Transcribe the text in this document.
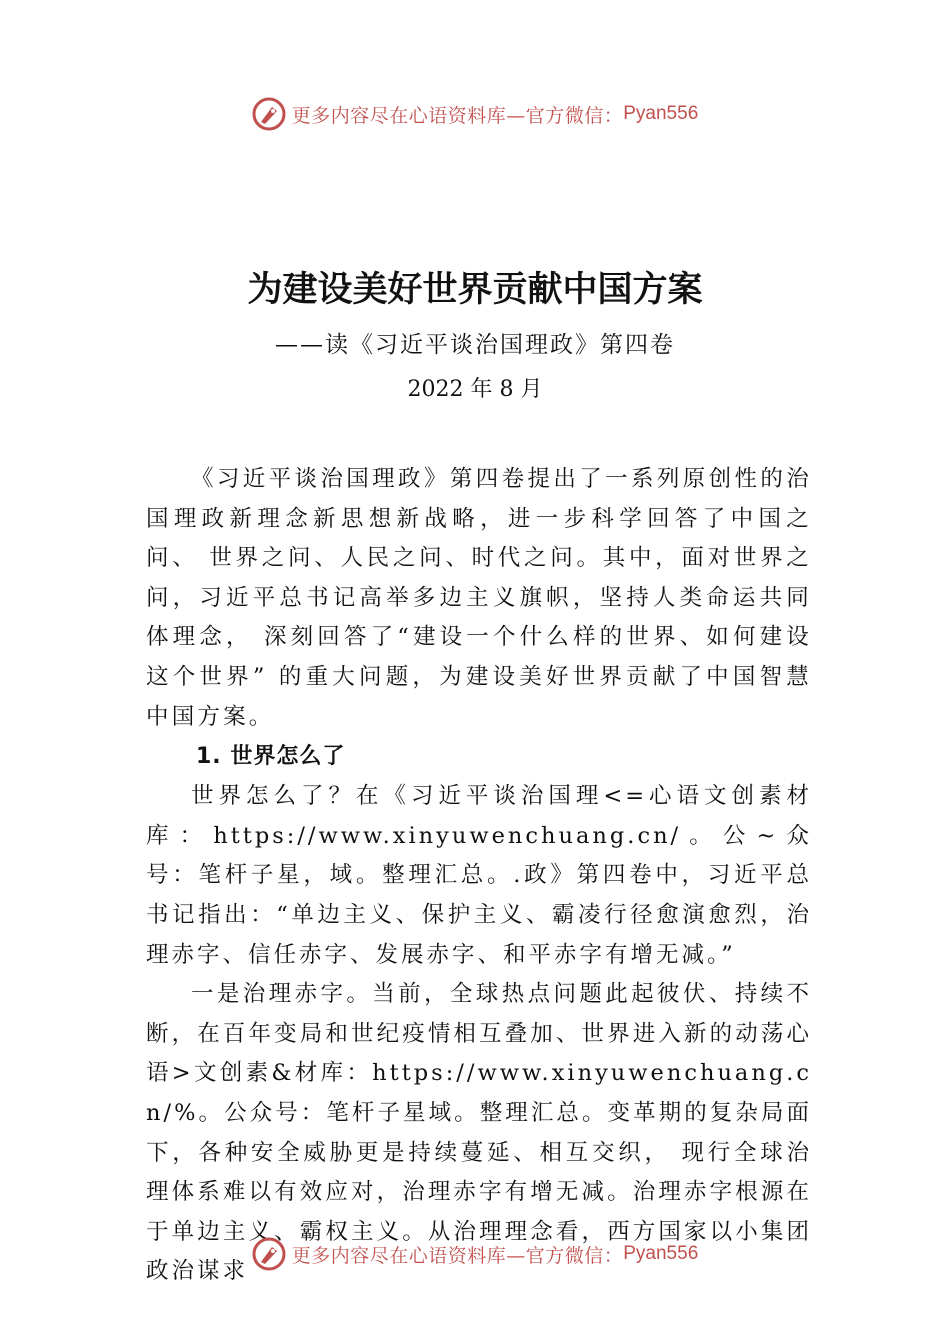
更多内容尽在心语资料库—官方微信： Pyan556
为建设美好世界贡献中国方案
——读《习近平谈治国理政》第四卷
2022 年 8 月

《习近平谈治国理政》第四卷提出了一系列原创性的治国理政新理念新思想新战略，进一步科学回答了中国之问、 世界之问、人民之问、时代之问。其中，面对世界之问，习近平总书记高举多边主义旗帜，坚持人类命运共同体理念， 深刻回答了“建设一个什么样的世界、如何建设这个世界” 的重大问题，为建设美好世界贡献了中国智慧中国方案。

1. 世界怎么了

世界怎么了？在《习近平谈治国理<=心语文创素材库：https://www.xinyuwenchuang.cn/。公~众号：笔杆子星，域。整理汇总。.政》第四卷中，习近平总书记指出：“单边主义、保护主义、霸凌行径愈演愈烈，治理赤字、信任赤字、发展赤字、和平赤字有增无减。”

一是治理赤字。当前，全球热点问题此起彼伏、持续不断，在百年变局和世纪疫情相互叠加、世界进入新的动荡心语>文创素&材库：https://www.xinyuwenchuang.cn/%。公众号：笔杆子星域。整理汇总。变革期的复杂局面下，各种安全威胁更是持续蔓延、相互交织， 现行全球治理体系难以有效应对，治理赤字有增无减。治理赤字根源在于单边主义、霸权主义。从治理理念看，西方国家以小集团政治谋求

更多内容尽在心语资料库—官方微信： Pyan556
